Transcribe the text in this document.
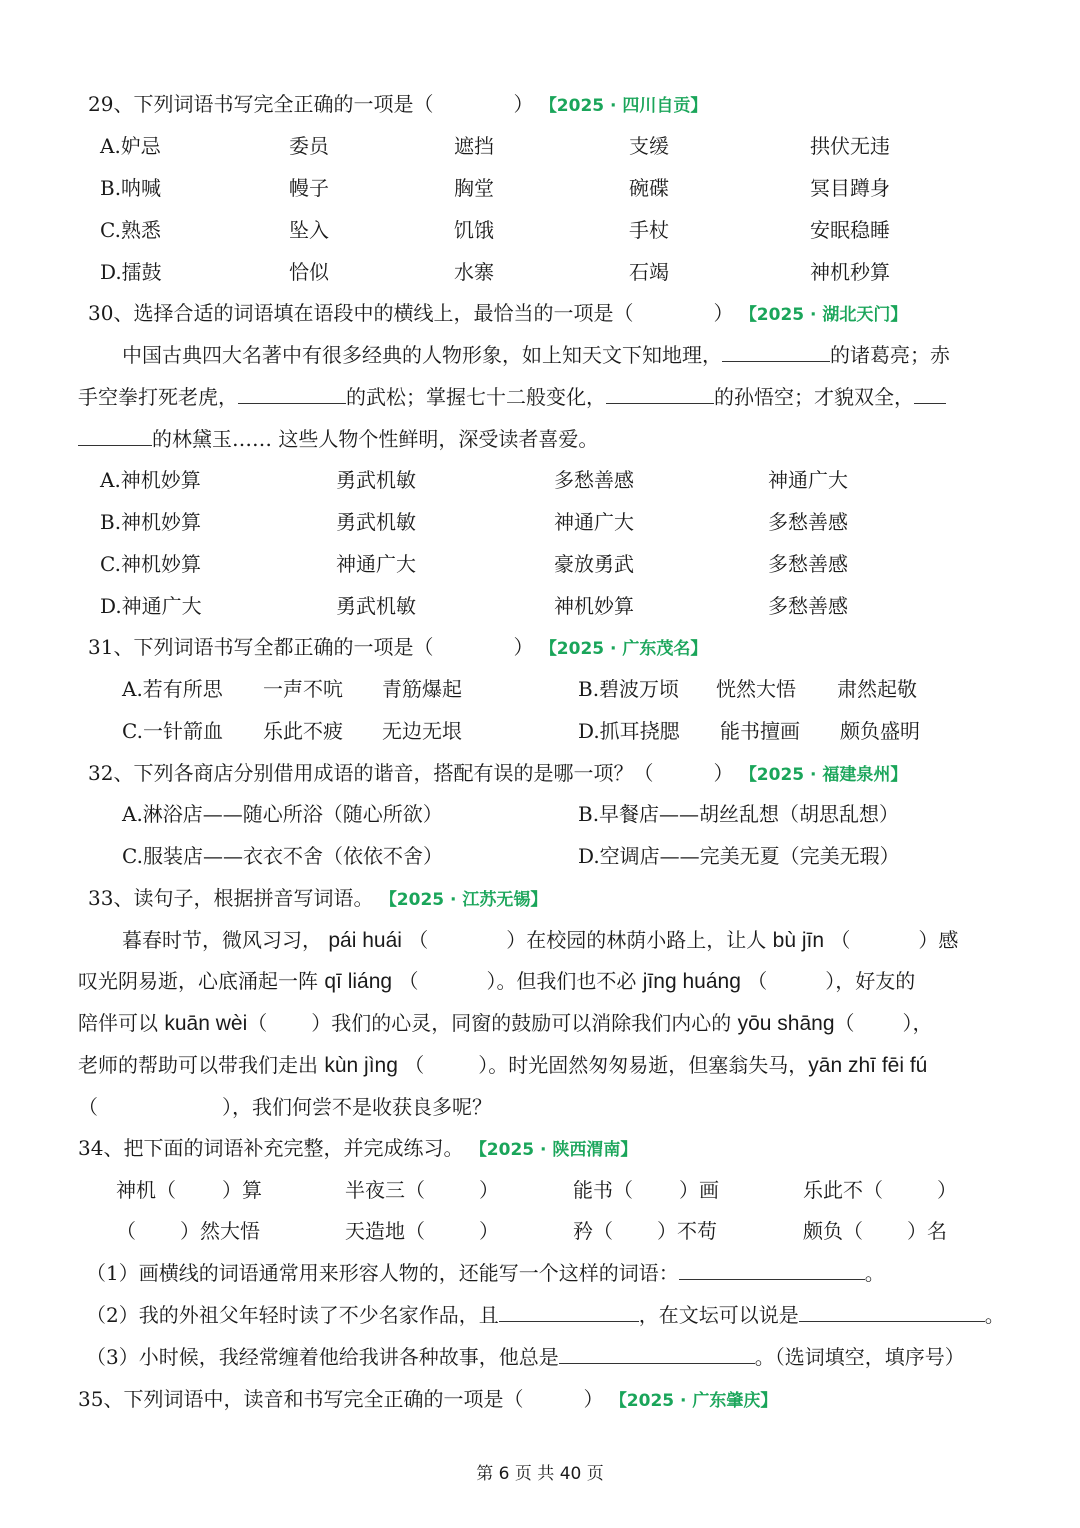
29、下列词语书写完全正确的一项是（　　　　） 【2025 · 四川自贡】
A.妒忌	委员	遮挡	支缓	拱伏无违
B.呐喊	幔子	胸堂	碗碟	冥目蹲身
C.熟悉	坠入	饥饿	手杖	安眠稳睡
D.擂鼓	恰似	水寨	石竭	神机秒算
30、选择合适的词语填在语段中的横线上，最恰当的一项是（　　　　） 【2025 · 湖北天门】
中国古典四大名著中有很多经典的人物形象，如上知天文下知地理，	的诸葛亮；赤
手空拳打死老虎，	的武松；掌握七十二般变化，	的孙悟空；才貌双全，
的林黛玉…… 这些人物个性鲜明，深受读者喜爱。
A.神机妙算	勇武机敏	多愁善感	神通广大
B.神机妙算	勇武机敏	神通广大	多愁善感
C.神机妙算	神通广大	豪放勇武	多愁善感
D.神通广大	勇武机敏	神机妙算	多愁善感
31、下列词语书写全都正确的一项是（　　　　） 【2025 · 广东茂名】
A.若有所思 一声不吭 青筋爆起	B.碧波万顷 恍然大悟 肃然起敬
C.一针箭血 乐此不疲 无边无垠	D.抓耳挠腮 能书擅画 颇负盛明
32、下列各商店分别借用成语的谐音，搭配有误的是哪一项？（　　　） 【2025 · 福建泉州】
A.淋浴店——随心所浴（随心所欲）	B.早餐店——胡丝乱想（胡思乱想）
C.服装店——衣衣不舍（依依不舍）	D.空调店——完美无夏（完美无瑕）
33、读句子，根据拼音写词语。 【2025 · 江苏无锡】
暮春时节，微风习习， pái huái （	）在校园的林荫小路上，让人 bù jīn （	）感
叹光阴易逝，心底涌起一阵 qī liáng （	）。但我们也不必 jīng huáng （	），好友的
陪伴可以 kuān wèi（ ）我们的心灵，同窗的鼓励可以消除我们内心的 yōu shāng（ ），
老师的帮助可以带我们走出 kùn jìng （	）。时光固然匆匆易逝，但塞翁失马，yān zhī fēi fú
（	），我们何尝不是收获良多呢？
34、把下面的词语补充完整，并完成练习。 【2025 · 陕西渭南】
神机（ ）算	半夜三（	）	能书（ ）画	乐此不（	）
（ ）然大悟	天造地（	）	矜（ ）不苟	颇负（ ）名
（1）画横线的词语通常用来形容人物的，还能写一个这样的词语：	。
（2）我的外祖父年轻时读了不少名家作品，且	，在文坛可以说是	。
（3）小时候，我经常缠着他给我讲各种故事，他总是	。（选词填空，填序号）
35、下列词语中，读音和书写完全正确的一项是（　　　） 【2025 · 广东肇庆】
第 6 页 共 40 页
